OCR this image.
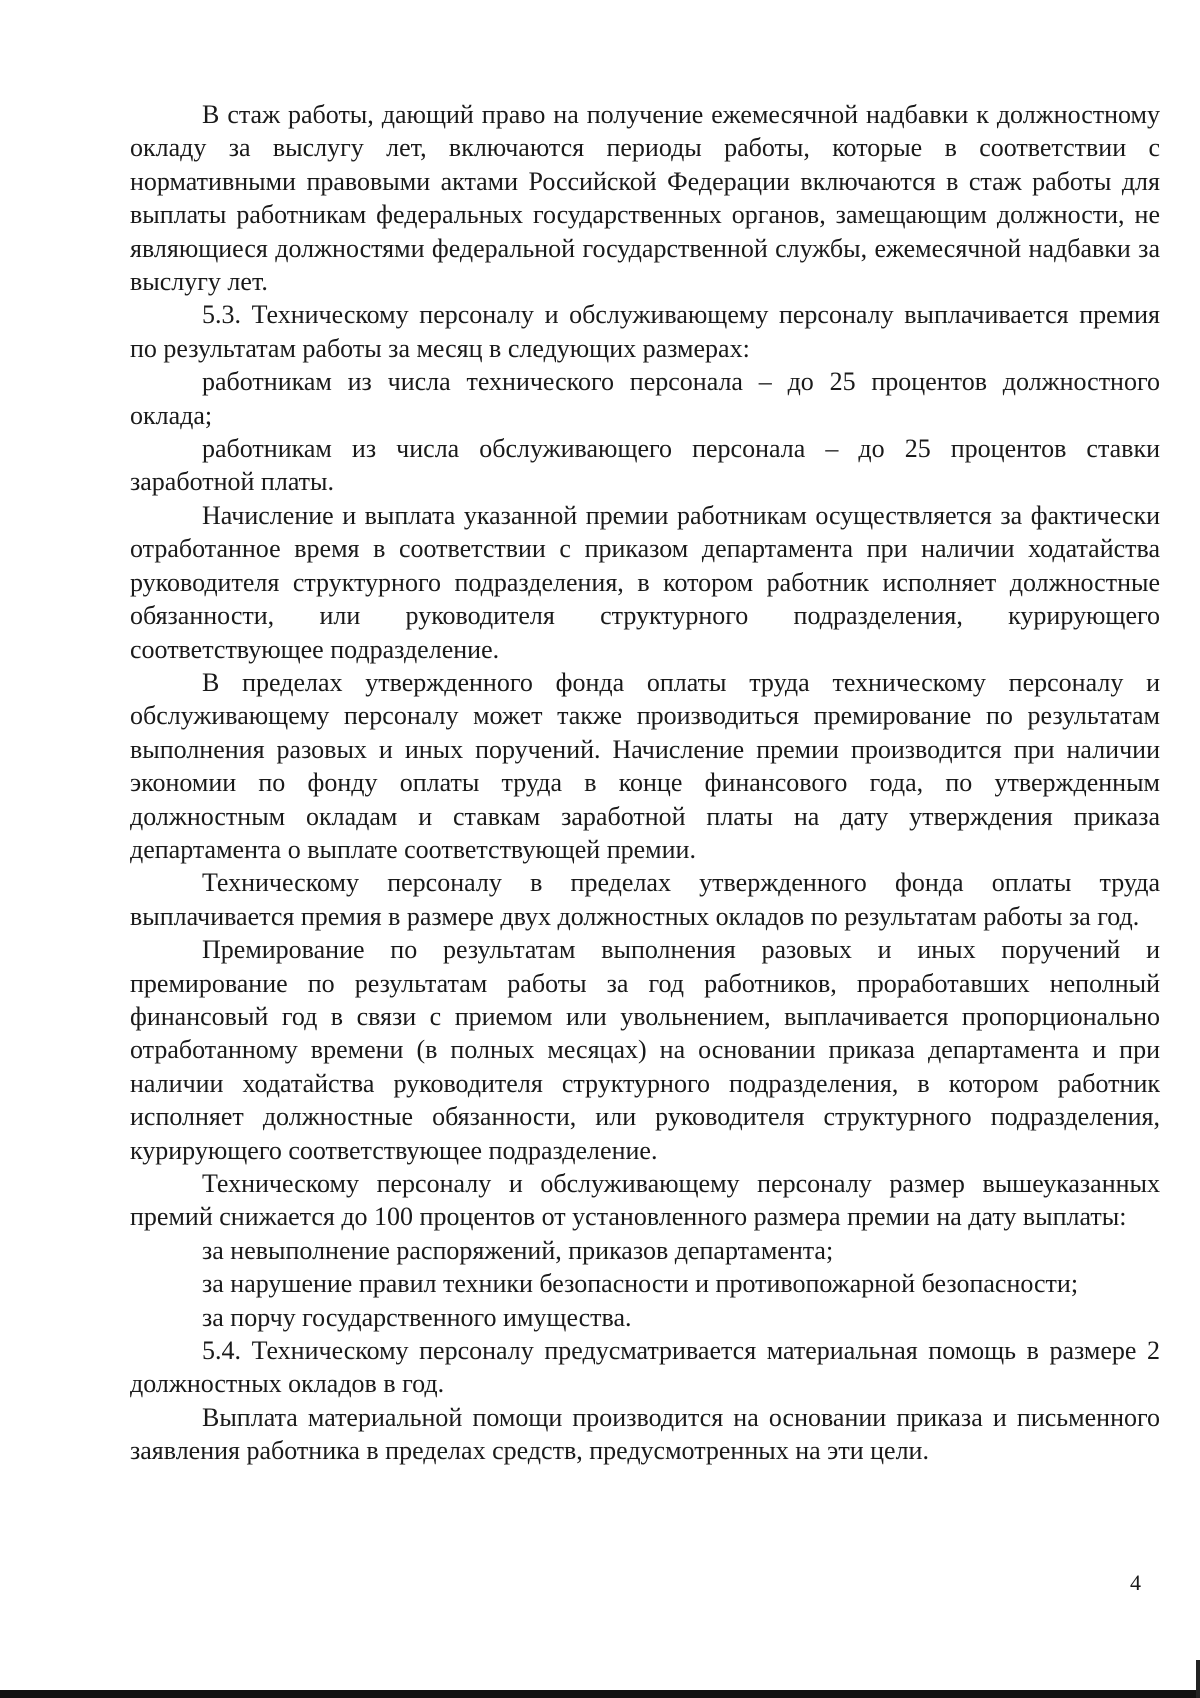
В стаж работы, дающий право на получение ежемесячной надбавки к должностному окладу за выслугу лет, включаются периоды работы, которые в соответствии с нормативными правовыми актами Российской Федерации включаются в стаж работы для выплаты работникам федеральных государственных органов, замещающим должности, не являющиеся должностями федеральной государственной службы, ежемесячной надбавки за выслугу лет.

5.3. Техническому персоналу и обслуживающему персоналу выплачивается премия по результатам работы за месяц в следующих размерах:

работникам из числа технического персонала – до 25 процентов должностного оклада;

работникам из числа обслуживающего персонала – до 25 процентов ставки заработной платы.

Начисление и выплата указанной премии работникам осуществляется за фактически отработанное время в соответствии с приказом департамента при наличии ходатайства руководителя структурного подразделения, в котором работник исполняет должностные обязанности, или руководителя структурного подразделения, курирующего соответствующее подразделение.

В пределах утвержденного фонда оплаты труда техническому персоналу и обслуживающему персоналу может также производиться премирование по результатам выполнения разовых и иных поручений. Начисление премии производится при наличии экономии по фонду оплаты труда в конце финансового года, по утвержденным должностным окладам и ставкам заработной платы на дату утверждения приказа департамента о выплате соответствующей премии.

Техническому персоналу в пределах утвержденного фонда оплаты труда выплачивается премия в размере двух должностных окладов по результатам работы за год.

Премирование по результатам выполнения разовых и иных поручений и премирование по результатам работы за год работников, проработавших неполный финансовый год в связи с приемом или увольнением, выплачивается пропорционально отработанному времени (в полных месяцах) на основании приказа департамента и при наличии ходатайства руководителя структурного подразделения, в котором работник исполняет должностные обязанности, или руководителя структурного подразделения, курирующего соответствующее подразделение.

Техническому персоналу и обслуживающему персоналу размер вышеуказанных премий снижается до 100 процентов от установленного размера премии на дату выплаты:

за невыполнение распоряжений, приказов департамента;

за нарушение правил техники безопасности и противопожарной безопасности;

за порчу государственного имущества.

5.4. Техническому персоналу предусматривается материальная помощь в размере 2 должностных окладов в год.

Выплата материальной помощи производится на основании приказа и письменного заявления работника в пределах средств, предусмотренных на эти цели.

4
